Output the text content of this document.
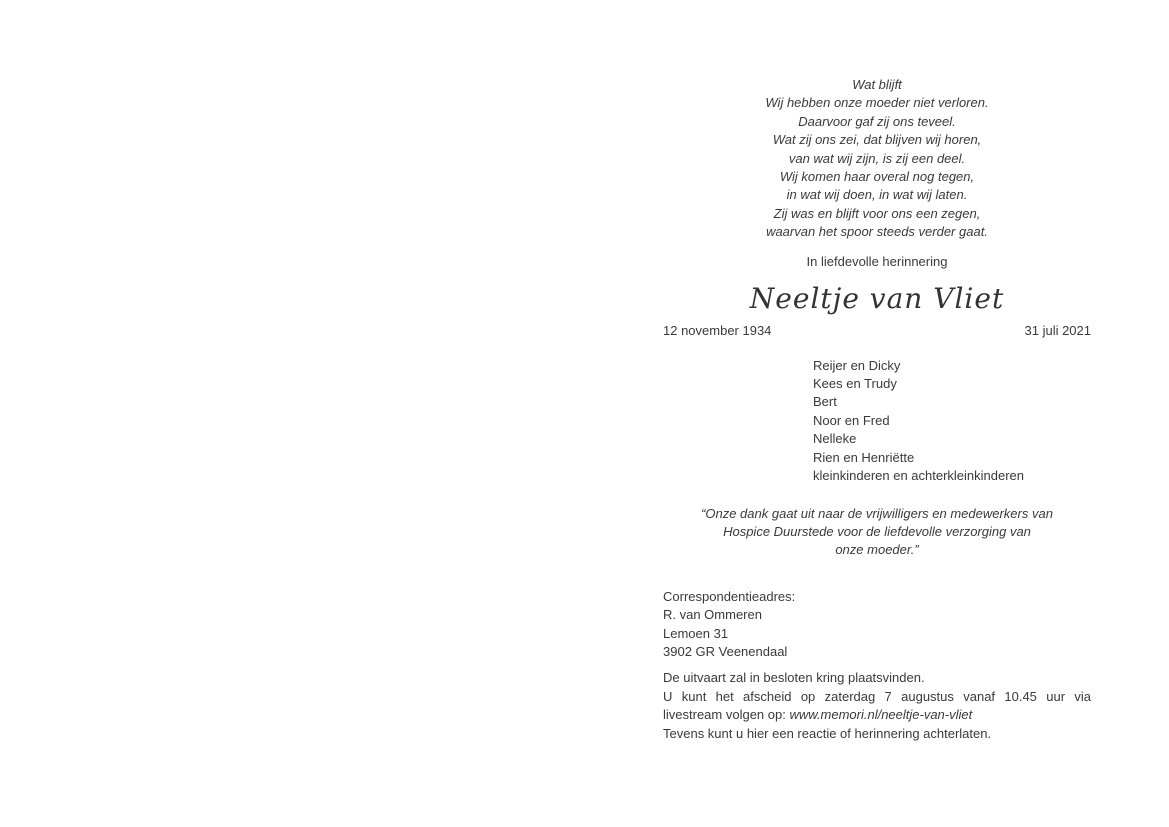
Wat blijft
Wij hebben onze moeder niet verloren.
Daarvoor gaf zij ons teveel.
Wat zij ons zei, dat blijven wij horen,
van wat wij zijn, is zij een deel.
Wij komen haar overal nog tegen,
in wat wij doen, in wat wij laten.
Zij was en blijft voor ons een zegen,
waarvan het spoor steeds verder gaat.
In liefdevolle herinnering
Neeltje van Vliet
12 november 1934	31 juli 2021
Reijer en Dicky
Kees en Trudy
Bert
Noor en Fred
Nelleke
Rien en Henriëtte
kleinkinderen en achterkleinkinderen
“Onze dank gaat uit naar de vrijwilligers en medewerkers van
Hospice Duurstede voor de liefdevolle verzorging van
onze moeder.”
Correspondentieadres:
R. van Ommeren
Lemoen 31
3902 GR Veenendaal
De uitvaart zal in besloten kring plaatsvinden.
U kunt het afscheid op zaterdag 7 augustus vanaf 10.45 uur via
livestream volgen op: www.memori.nl/neeltje-van-vliet
Tevens kunt u hier een reactie of herinnering achterlaten.
